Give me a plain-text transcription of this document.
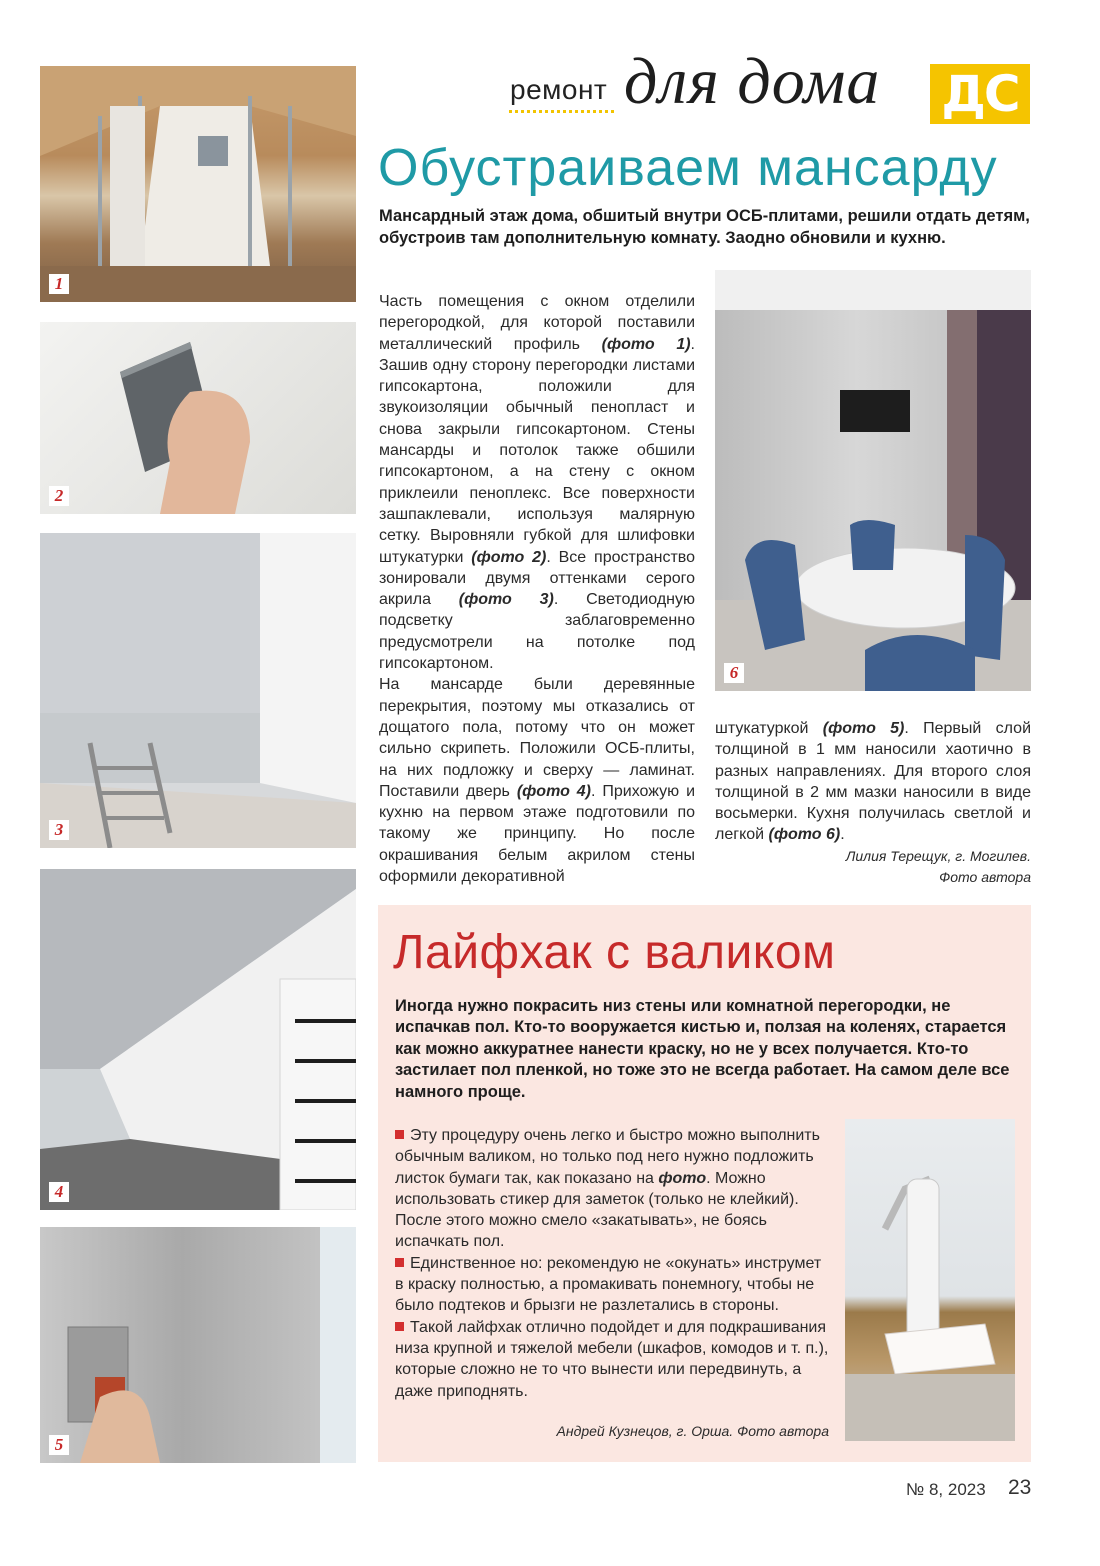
ремонт для дома ДС
1
2
3
4
5
Обустраиваем мансарду
Мансардный этаж дома, обшитый внутри ОСБ-плитами, решили отдать детям, обустроив там дополнительную комнату. Заодно обновили и кухню.

Часть помещения с окном отделили перегородкой, для которой поставили металлический профиль (фото 1). Зашив одну сторону перегородки листами гипсокартона, положили для звукоизоляции обычный пенопласт и снова закрыли гипсокартоном. Стены мансарды и потолок также обшили гипсокартоном, а на стену с окном приклеили пеноплекс. Все поверхности зашпаклевали, используя малярную сетку. Выровняли губкой для шлифовки штукатурки (фото 2). Все пространство зонировали двумя оттенками серого акрила (фото 3). Светодиодную подсветку заблаговременно предусмотрели на потолке под гипсокартоном.

На мансарде были деревянные перекрытия, поэтому мы отказались от дощатого пола, потому что он может сильно скрипеть. Положили ОСБ-плиты, на них подложку и сверху — ламинат. Поставили дверь (фото 4). Прихожую и кухню на первом этаже подготовили по такому же принципу. Но после окрашивания белым акрилом стены оформили декоративной

6

штукатуркой (фото 5). Первый слой толщиной в 1 мм наносили хаотично в разных направлениях. Для второго слоя толщиной в 2 мм мазки наносили в виде восьмерки. Кухня получилась светлой и легкой (фото 6).

Лилия Терещук, г. Могилев.

Фото автора

Лайфхак с валиком
Иногда нужно покрасить низ стены или комнатной перегородки, не испачкав пол. Кто-то вооружается кистью и, ползая на коленях, старается как можно аккуратнее нанести краску, но не у всех получается. Кто-то застилает пол пленкой, но тоже это не всегда работает. На самом деле все намного проще.

Эту процедуру очень легко и быстро можно выполнить обычным валиком, но только под него нужно подложить листок бумаги так, как показано на фото. Можно использовать стикер для заметок (только не клейкий). После этого можно смело «закатывать», не боясь испачкать пол.

Единственное но: рекомендую не «окунать» инструмет в краску полностью, а промакивать понемногу, чтобы не было подтеков и брызги не разлетались в стороны.

Такой лайфхак отлично подойдет и для подкрашивания низа крупной и тяжелой мебели (шкафов, комодов и т. п.), которые сложно не то что вынести или передвинуть, а даже приподнять.

Андрей Кузнецов, г. Орша. Фото автора
№ 8, 2023 23
